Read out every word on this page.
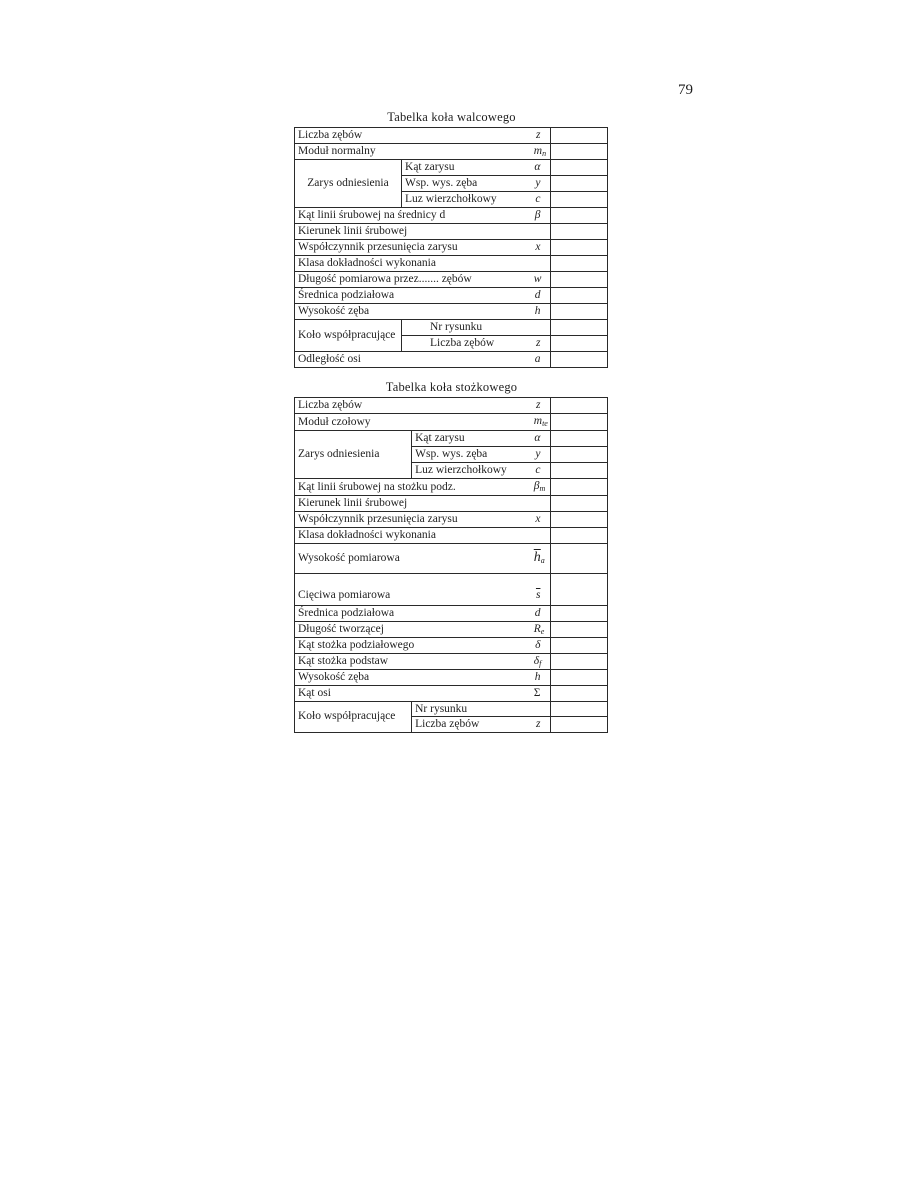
79
Tabelka koła walcowego
Liczba zębów		z	
Moduł normalny		$m_n$	
Zarys odniesienia	Kąt zarysu	α	
	Wsp. wys. zęba	y	
	Luz wierzchołkowy	c	
Kąt linii śrubowej na średnicy d		β	
Kierunek linii śrubowej			
Współczynnik przesunięcia zarysu		x	
Klasa dokładności wykonania			
Długość pomiarowa przez....... zębów		w	
Średnica podziałowa		d	
Wysokość zęba		h	
Koło współpracujące	Nr rysunku		
	Liczba zębów	z	
Odległość osi		a	
Tabelka koła stożkowego
Liczba zębów		z	
Moduł czołowy		$m_{te}$	
Zarys odniesienia	Kąt zarysu	α	
	Wsp. wys. zęba	y	
	Luz wierzchołkowy	c	
Kąt linii śrubowej na stożku podz.		$\beta_m$	
Kierunek linii śrubowej			
Współczynnik przesunięcia zarysu		x	
Klasa dokładności wykonania			
Wysokość pomiarowa		$\overline{h}_a$	
Cięciwa pomiarowa		$\overline{s}$	
Średnica podziałowa		d	
Długość tworzącej		$R_e$	
Kąt stożka podziałowego		δ	
Kąt stożka podstaw		$\delta_f$	
Wysokość zęba		h	
Kąt osi		Σ	
Koło współpracujące	Nr rysunku		
	Liczba zębów	z	
